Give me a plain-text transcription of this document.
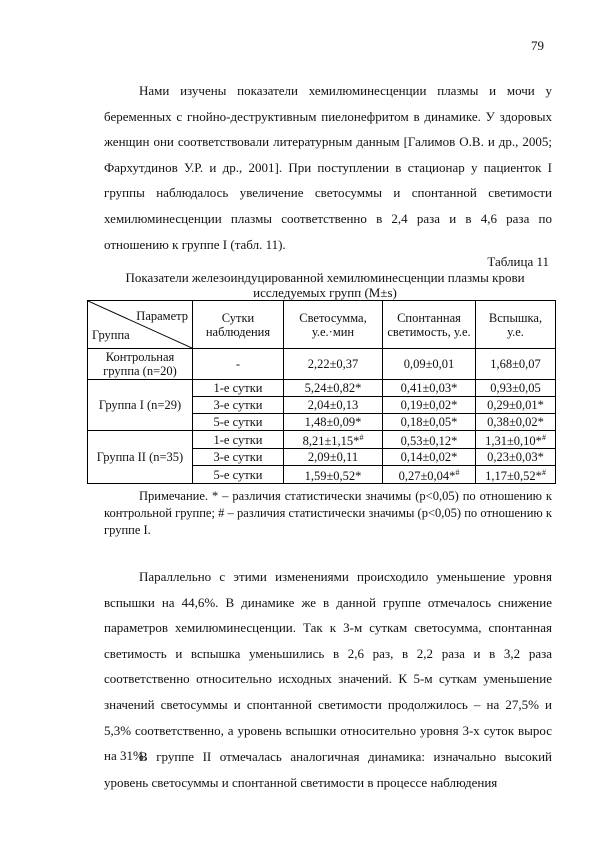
79

Нами изучены показатели хемилюминесценции плазмы и мочи у беременных с гнойно-деструктивным пиелонефритом в динамике. У здоровых женщин они соответствовали литературным данным [Галимов О.В. и др., 2005; Фархутдинов У.Р. и др., 2001]. При поступлении в стационар у пациенток I группы наблюдалось увеличение светосуммы и спонтанной светимости хемилюминесценции плазмы соответственно в 2,4 раза и в 4,6 раза по отношению к группе I (табл. 11).

Таблица 11
Показатели железоиндуцированной хемилюминесценции плазмы крови исследуемых групп (M±s)
Параметр
Группа	Сутки наблюдения	Светосумма, у.е.·мин	Спонтанная светимость, у.е.	Вспышка, у.е.
Контрольная группа (n=20)	-	2,22±0,37	0,09±0,01	1,68±0,07
Группа I (n=29)	1-е сутки	5,24±0,82*	0,41±0,03*	0,93±0,05
	3-е сутки	2,04±0,13	0,19±0,02*	0,29±0,01*
	5-е сутки	1,48±0,09*	0,18±0,05*	0,38±0,02*
Группа II (n=35)	1-е сутки	8,21±1,15*#	0,53±0,12*	1,31±0,10*#
	3-е сутки	2,09±0,11	0,14±0,02*	0,23±0,03*
	5-е сутки	1,59±0,52*	0,27±0,04*#	1,17±0,52*#

Примечание. * – различия статистически значимы (p<0,05) по отношению к контрольной группе; # – различия статистически значимы (p<0,05) по отношению к группе I.

Параллельно с этими изменениями происходило уменьшение уровня вспышки на 44,6%. В динамике же в данной группе отмечалось снижение параметров хемилюминесценции. Так к 3-м суткам светосумма, спонтанная светимость и вспышка уменьшились в 2,6 раз, в 2,2 раза и в 3,2 раза соответственно относительно исходных значений. К 5-м суткам уменьшение значений светосуммы и спонтанной светимости продолжилось – на 27,5% и 5,3% соответственно, а уровень вспышки относительно уровня 3-х суток вырос на 31%.

В группе II отмечалась аналогичная динамика: изначально высокий уровень светосуммы и спонтанной светимости в процессе наблюдения
